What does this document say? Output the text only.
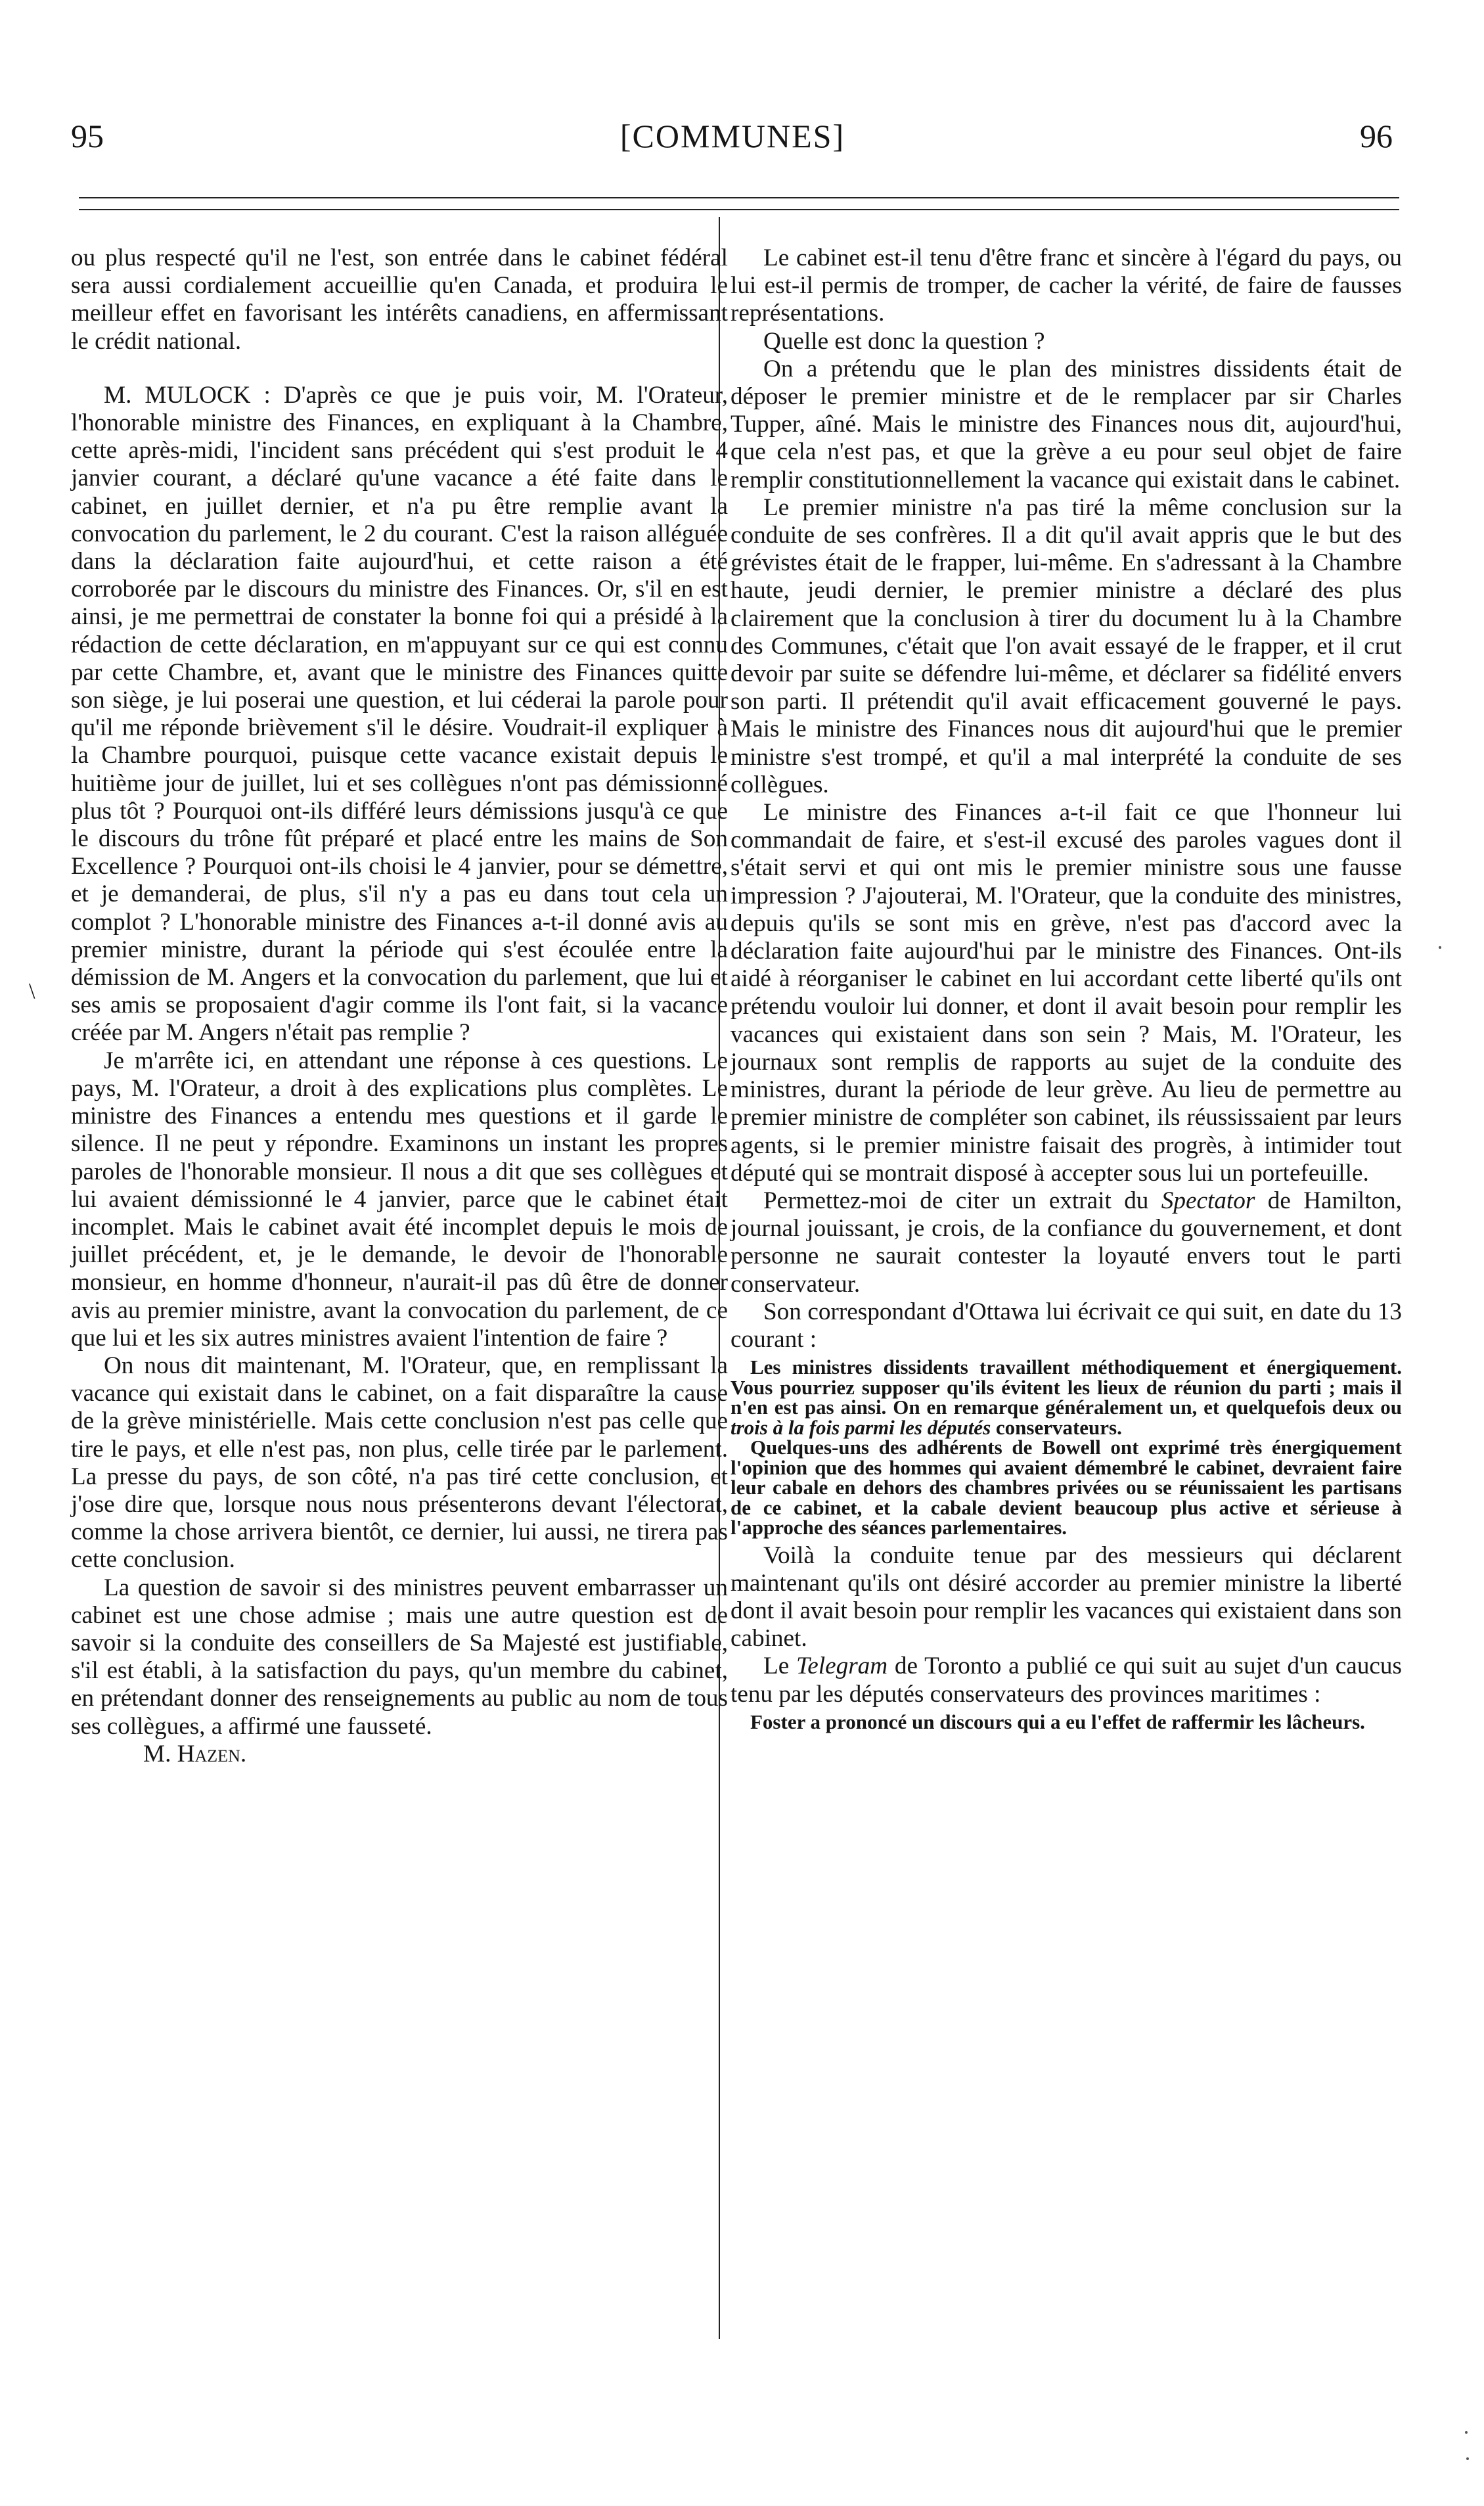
95	[COMMUNES]	96
\

ou plus respecté qu'il ne l'est, son entrée dans le cabinet fédéral sera aussi cordialement accueillie qu'en Canada, et produira le meilleur effet en favorisant les intérêts canadiens, en affermissant le crédit national.

M. MULOCK : D'après ce que je puis voir, M. l'Orateur, l'honorable ministre des Finances, en expliquant à la Chambre, cette après-midi, l'incident sans précédent qui s'est produit le 4 janvier courant, a déclaré qu'une vacance a été faite dans le cabinet, en juillet dernier, et n'a pu être remplie avant la convocation du parlement, le 2 du courant. C'est la raison alléguée dans la déclaration faite aujourd'hui, et cette raison a été corroborée par le discours du ministre des Finances. Or, s'il en est ainsi, je me permettrai de constater la bonne foi qui a présidé à la rédaction de cette déclaration, en m'appuyant sur ce qui est connu par cette Chambre, et, avant que le ministre des Finances quitte son siège, je lui poserai une question, et lui céderai la parole pour qu'il me réponde brièvement s'il le désire. Voudrait-il expliquer à la Chambre pourquoi, puisque cette vacance existait depuis le huitième jour de juillet, lui et ses collègues n'ont pas démissionné plus tôt ? Pourquoi ont-ils différé leurs démissions jusqu'à ce que le discours du trône fût préparé et placé entre les mains de Son Excellence ? Pourquoi ont-ils choisi le 4 janvier, pour se démettre, et je demanderai, de plus, s'il n'y a pas eu dans tout cela un complot ? L'honorable ministre des Finances a-t-il donné avis au premier ministre, durant la période qui s'est écoulée entre la démission de M. Angers et la convocation du parlement, que lui et ses amis se proposaient d'agir comme ils l'ont fait, si la vacance créée par M. Angers n'était pas remplie ?

Je m'arrête ici, en attendant une réponse à ces questions. Le pays, M. l'Orateur, a droit à des explications plus complètes. Le ministre des Finances a entendu mes questions et il garde le silence. Il ne peut y répondre. Examinons un instant les propres paroles de l'honorable monsieur. Il nous a dit que ses collègues et lui avaient démissionné le 4 janvier, parce que le cabinet était incomplet. Mais le cabinet avait été incomplet depuis le mois de juillet précédent, et, je le demande, le devoir de l'honorable monsieur, en homme d'honneur, n'aurait-il pas dû être de donner avis au premier ministre, avant la convocation du parlement, de ce que lui et les six autres ministres avaient l'intention de faire ?

On nous dit maintenant, M. l'Orateur, que, en remplissant la vacance qui existait dans le cabinet, on a fait disparaître la cause de la grève ministérielle. Mais cette conclusion n'est pas celle que tire le pays, et elle n'est pas, non plus, celle tirée par le parlement. La presse du pays, de son côté, n'a pas tiré cette conclusion, et j'ose dire que, lorsque nous nous présenterons devant l'électorat, comme la chose arrivera bientôt, ce dernier, lui aussi, ne tirera pas cette conclusion.

La question de savoir si des ministres peuvent embarrasser un cabinet est une chose admise ; mais une autre question est de savoir si la conduite des conseillers de Sa Majesté est justifiable, s'il est établi, à la satisfaction du pays, qu'un membre du cabinet, en prétendant donner des renseignements au public au nom de tous ses collègues, a affirmé une fausseté.

M. Hazen.

Le cabinet est-il tenu d'être franc et sincère à l'égard du pays, ou lui est-il permis de tromper, de cacher la vérité, de faire de fausses représentations.

Quelle est donc la question ?

On a prétendu que le plan des ministres dissidents était de déposer le premier ministre et de le remplacer par sir Charles Tupper, aîné. Mais le ministre des Finances nous dit, aujourd'hui, que cela n'est pas, et que la grève a eu pour seul objet de faire remplir constitutionnellement la vacance qui existait dans le cabinet.

Le premier ministre n'a pas tiré la même conclusion sur la conduite de ses confrères. Il a dit qu'il avait appris que le but des grévistes était de le frapper, lui-même. En s'adressant à la Chambre haute, jeudi dernier, le premier ministre a déclaré des plus clairement que la conclusion à tirer du document lu à la Chambre des Communes, c'était que l'on avait essayé de le frapper, et il crut devoir par suite se défendre lui-même, et déclarer sa fidélité envers son parti. Il prétendit qu'il avait efficacement gouverné le pays. Mais le ministre des Finances nous dit aujourd'hui que le premier ministre s'est trompé, et qu'il a mal interprété la conduite de ses collègues.

Le ministre des Finances a-t-il fait ce que l'honneur lui commandait de faire, et s'est-il excusé des paroles vagues dont il s'était servi et qui ont mis le premier ministre sous une fausse impression ? J'ajouterai, M. l'Orateur, que la conduite des ministres, depuis qu'ils se sont mis en grève, n'est pas d'accord avec la déclaration faite aujourd'hui par le ministre des Finances. Ont-ils aidé à réorganiser le cabinet en lui accordant cette liberté qu'ils ont prétendu vouloir lui donner, et dont il avait besoin pour remplir les vacances qui existaient dans son sein ? Mais, M. l'Orateur, les journaux sont remplis de rapports au sujet de la conduite des ministres, durant la période de leur grève. Au lieu de permettre au premier ministre de compléter son cabinet, ils réussissaient par leurs agents, si le premier ministre faisait des progrès, à intimider tout député qui se montrait disposé à accepter sous lui un portefeuille.

Permettez-moi de citer un extrait du Spectator de Hamilton, journal jouissant, je crois, de la confiance du gouvernement, et dont personne ne saurait contester la loyauté envers tout le parti conservateur.

Son correspondant d'Ottawa lui écrivait ce qui suit, en date du 13 courant :

Les ministres dissidents travaillent méthodiquement et énergiquement. Vous pourriez supposer qu'ils évitent les lieux de réunion du parti ; mais il n'en est pas ainsi. On en remarque généralement un, et quelquefois deux ou trois à la fois parmi les députés conservateurs.

Quelques-uns des adhérents de Bowell ont exprimé très énergiquement l'opinion que des hommes qui avaient démembré le cabinet, devraient faire leur cabale en dehors des chambres privées ou se réunissaient les partisans de ce cabinet, et la cabale devient beaucoup plus active et sérieuse à l'approche des séances parlementaires.

Voilà la conduite tenue par des messieurs qui déclarent maintenant qu'ils ont désiré accorder au premier ministre la liberté dont il avait besoin pour remplir les vacances qui existaient dans son cabinet.

Le Telegram de Toronto a publié ce qui suit au sujet d'un caucus tenu par les députés conservateurs des provinces maritimes :

Foster a prononcé un discours qui a eu l'effet de raffermir les lâcheurs.
